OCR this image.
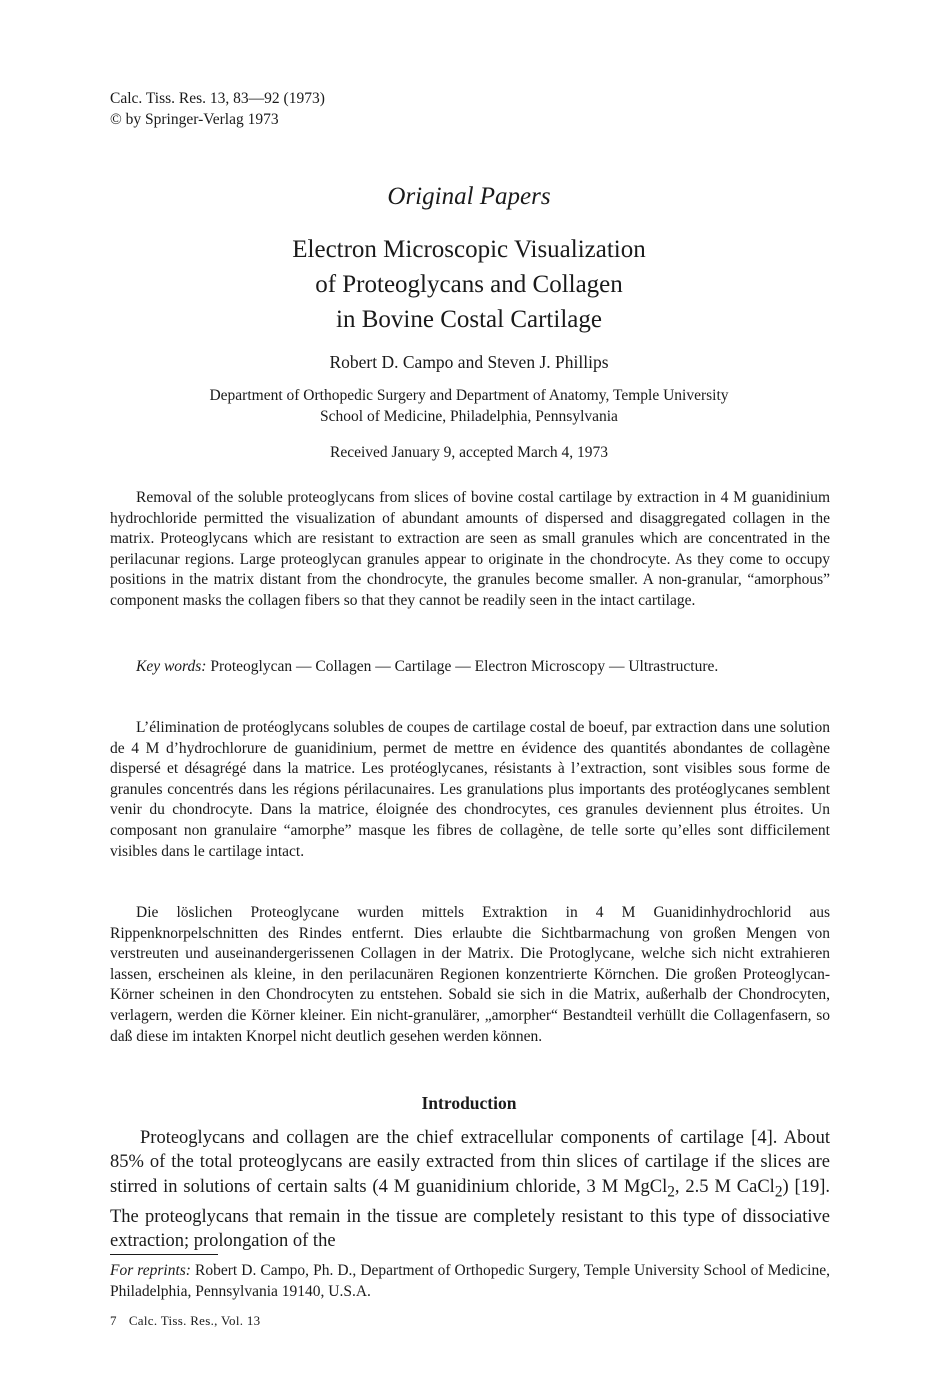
Calc. Tiss. Res. 13, 83—92 (1973)
© by Springer-Verlag 1973
Original Papers
Electron Microscopic Visualization
of Proteoglycans and Collagen
in Bovine Costal Cartilage
Robert D. Campo and Steven J. Phillips
Department of Orthopedic Surgery and Department of Anatomy, Temple University
School of Medicine, Philadelphia, Pennsylvania
Received January 9, accepted March 4, 1973

Removal of the soluble proteoglycans from slices of bovine costal cartilage by extraction in 4 M guanidinium hydrochloride permitted the visualization of abundant amounts of dispersed and disaggregated collagen in the matrix. Proteoglycans which are resistant to extraction are seen as small granules which are concentrated in the perilacunar regions. Large proteoglycan granules appear to originate in the chondrocyte. As they come to occupy positions in the matrix distant from the chondrocyte, the granules become smaller. A non-granular, “amorphous” component masks the collagen fibers so that they cannot be readily seen in the intact cartilage.

Key words: Proteoglycan — Collagen — Cartilage — Electron Microscopy — Ultrastructure.

L’élimination de protéoglycans solubles de coupes de cartilage costal de boeuf, par extraction dans une solution de 4 M d’hydrochlorure de guanidinium, permet de mettre en évidence des quantités abondantes de collagène dispersé et désagrégé dans la matrice. Les protéoglycanes, résistants à l’extraction, sont visibles sous forme de granules concentrés dans les régions périlacunaires. Les granulations plus importants des protéoglycanes semblent venir du chondrocyte. Dans la matrice, éloignée des chondrocytes, ces granules deviennent plus étroites. Un composant non granulaire “amorphe” masque les fibres de collagène, de telle sorte qu’elles sont difficilement visibles dans le cartilage intact.

Die löslichen Proteoglycane wurden mittels Extraktion in 4 M Guanidinhydrochlorid aus Rippenknorpelschnitten des Rindes entfernt. Dies erlaubte die Sichtbarmachung von großen Mengen von verstreuten und auseinandergerissenen Collagen in der Matrix. Die Protoglycane, welche sich nicht extrahieren lassen, erscheinen als kleine, in den perilacunären Regionen konzentrierte Körnchen. Die großen Proteoglycan-Körner scheinen in den Chondrocyten zu entstehen. Sobald sie sich in die Matrix, außerhalb der Chondrocyten, verlagern, werden die Körner kleiner. Ein nicht-granulärer, „amorpher“ Bestandteil verhüllt die Collagenfasern, so daß diese im intakten Knorpel nicht deutlich gesehen werden können.

Introduction

Proteoglycans and collagen are the chief extracellular components of cartilage [4]. About 85% of the total proteoglycans are easily extracted from thin slices of cartilage if the slices are stirred in solutions of certain salts (4 M guanidinium chloride, 3 M MgCl$_2$, 2.5 M CaCl$_2$) [19]. The proteoglycans that remain in the tissue are completely resistant to this type of dissociative extraction; prolongation of the

For reprints: Robert D. Campo, Ph. D., Department of Orthopedic Surgery, Temple University School of Medicine, Philadelphia, Pennsylvania 19140, U.S.A.

7 Calc. Tiss. Res., Vol. 13
